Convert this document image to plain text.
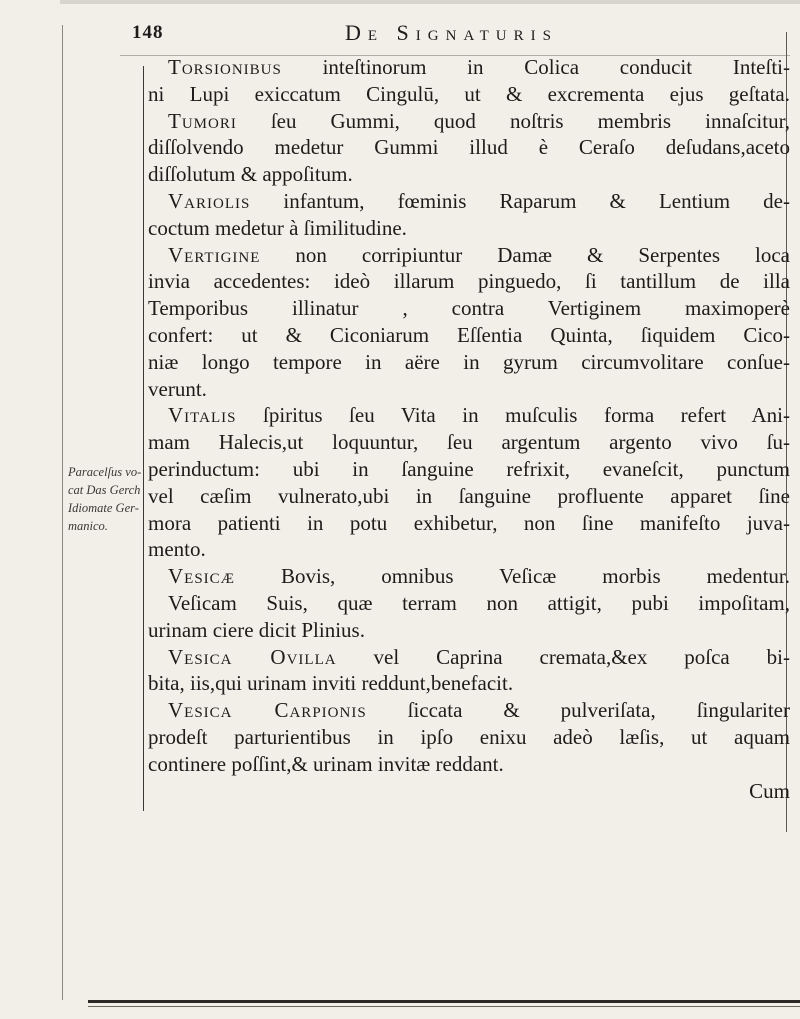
148	De Signaturis
Paracelſus vo-
cat Das Gerch
Idiomate Ger-
manico.
Torsionibus inteſtinorum in Colica conducit Inteſti-
ni Lupi exiccatum Cingulū, ut & excrementa ejus geſtata.
Tumori ſeu Gummi, quod noſtris membris innaſcitur,
diſſolvendo medetur Gummi illud è Ceraſo deſudans,aceto
diſſolutum & appoſitum.
Variolis infantum, fœminis Raparum & Lentium de-
coctum medetur à ſimilitudine.
Vertigine non corripiuntur Damæ & Serpentes loca
invia accedentes: ideò illarum pinguedo, ſi tantillum de illa
Temporibus illinatur , contra Vertiginem maximoperè
confert: ut & Ciconiarum Eſſentia Quinta, ſiquidem Cico-
niæ longo tempore in aëre in gyrum circumvolitare conſue-
verunt.
Vitalis ſpiritus ſeu Vita in muſculis forma refert Ani-
mam Halecis,ut loquuntur, ſeu argentum argento vivo ſu-
perinductum: ubi in ſanguine refrixit, evaneſcit, punctum
vel cæſim vulnerato,ubi in ſanguine profluente apparet ſine
mora patienti in potu exhibetur, non ſine manifeſto juva-
mento.
Vesicæ Bovis, omnibus Veſicæ morbis medentur.
Veſicam Suis, quæ terram non attigit, pubi impoſitam,
urinam ciere dicit Plinius.
Vesica Ovilla vel Caprina cremata,&ex poſca bi-
bita, iis,qui urinam inviti reddunt,benefacit.
Vesica Carpionis ſiccata & pulveriſata, ſingulariter
prodeſt parturientibus in ipſo enixu adeò læſis, ut aquam
continere poſſint,& urinam invitæ reddant.
Cum
